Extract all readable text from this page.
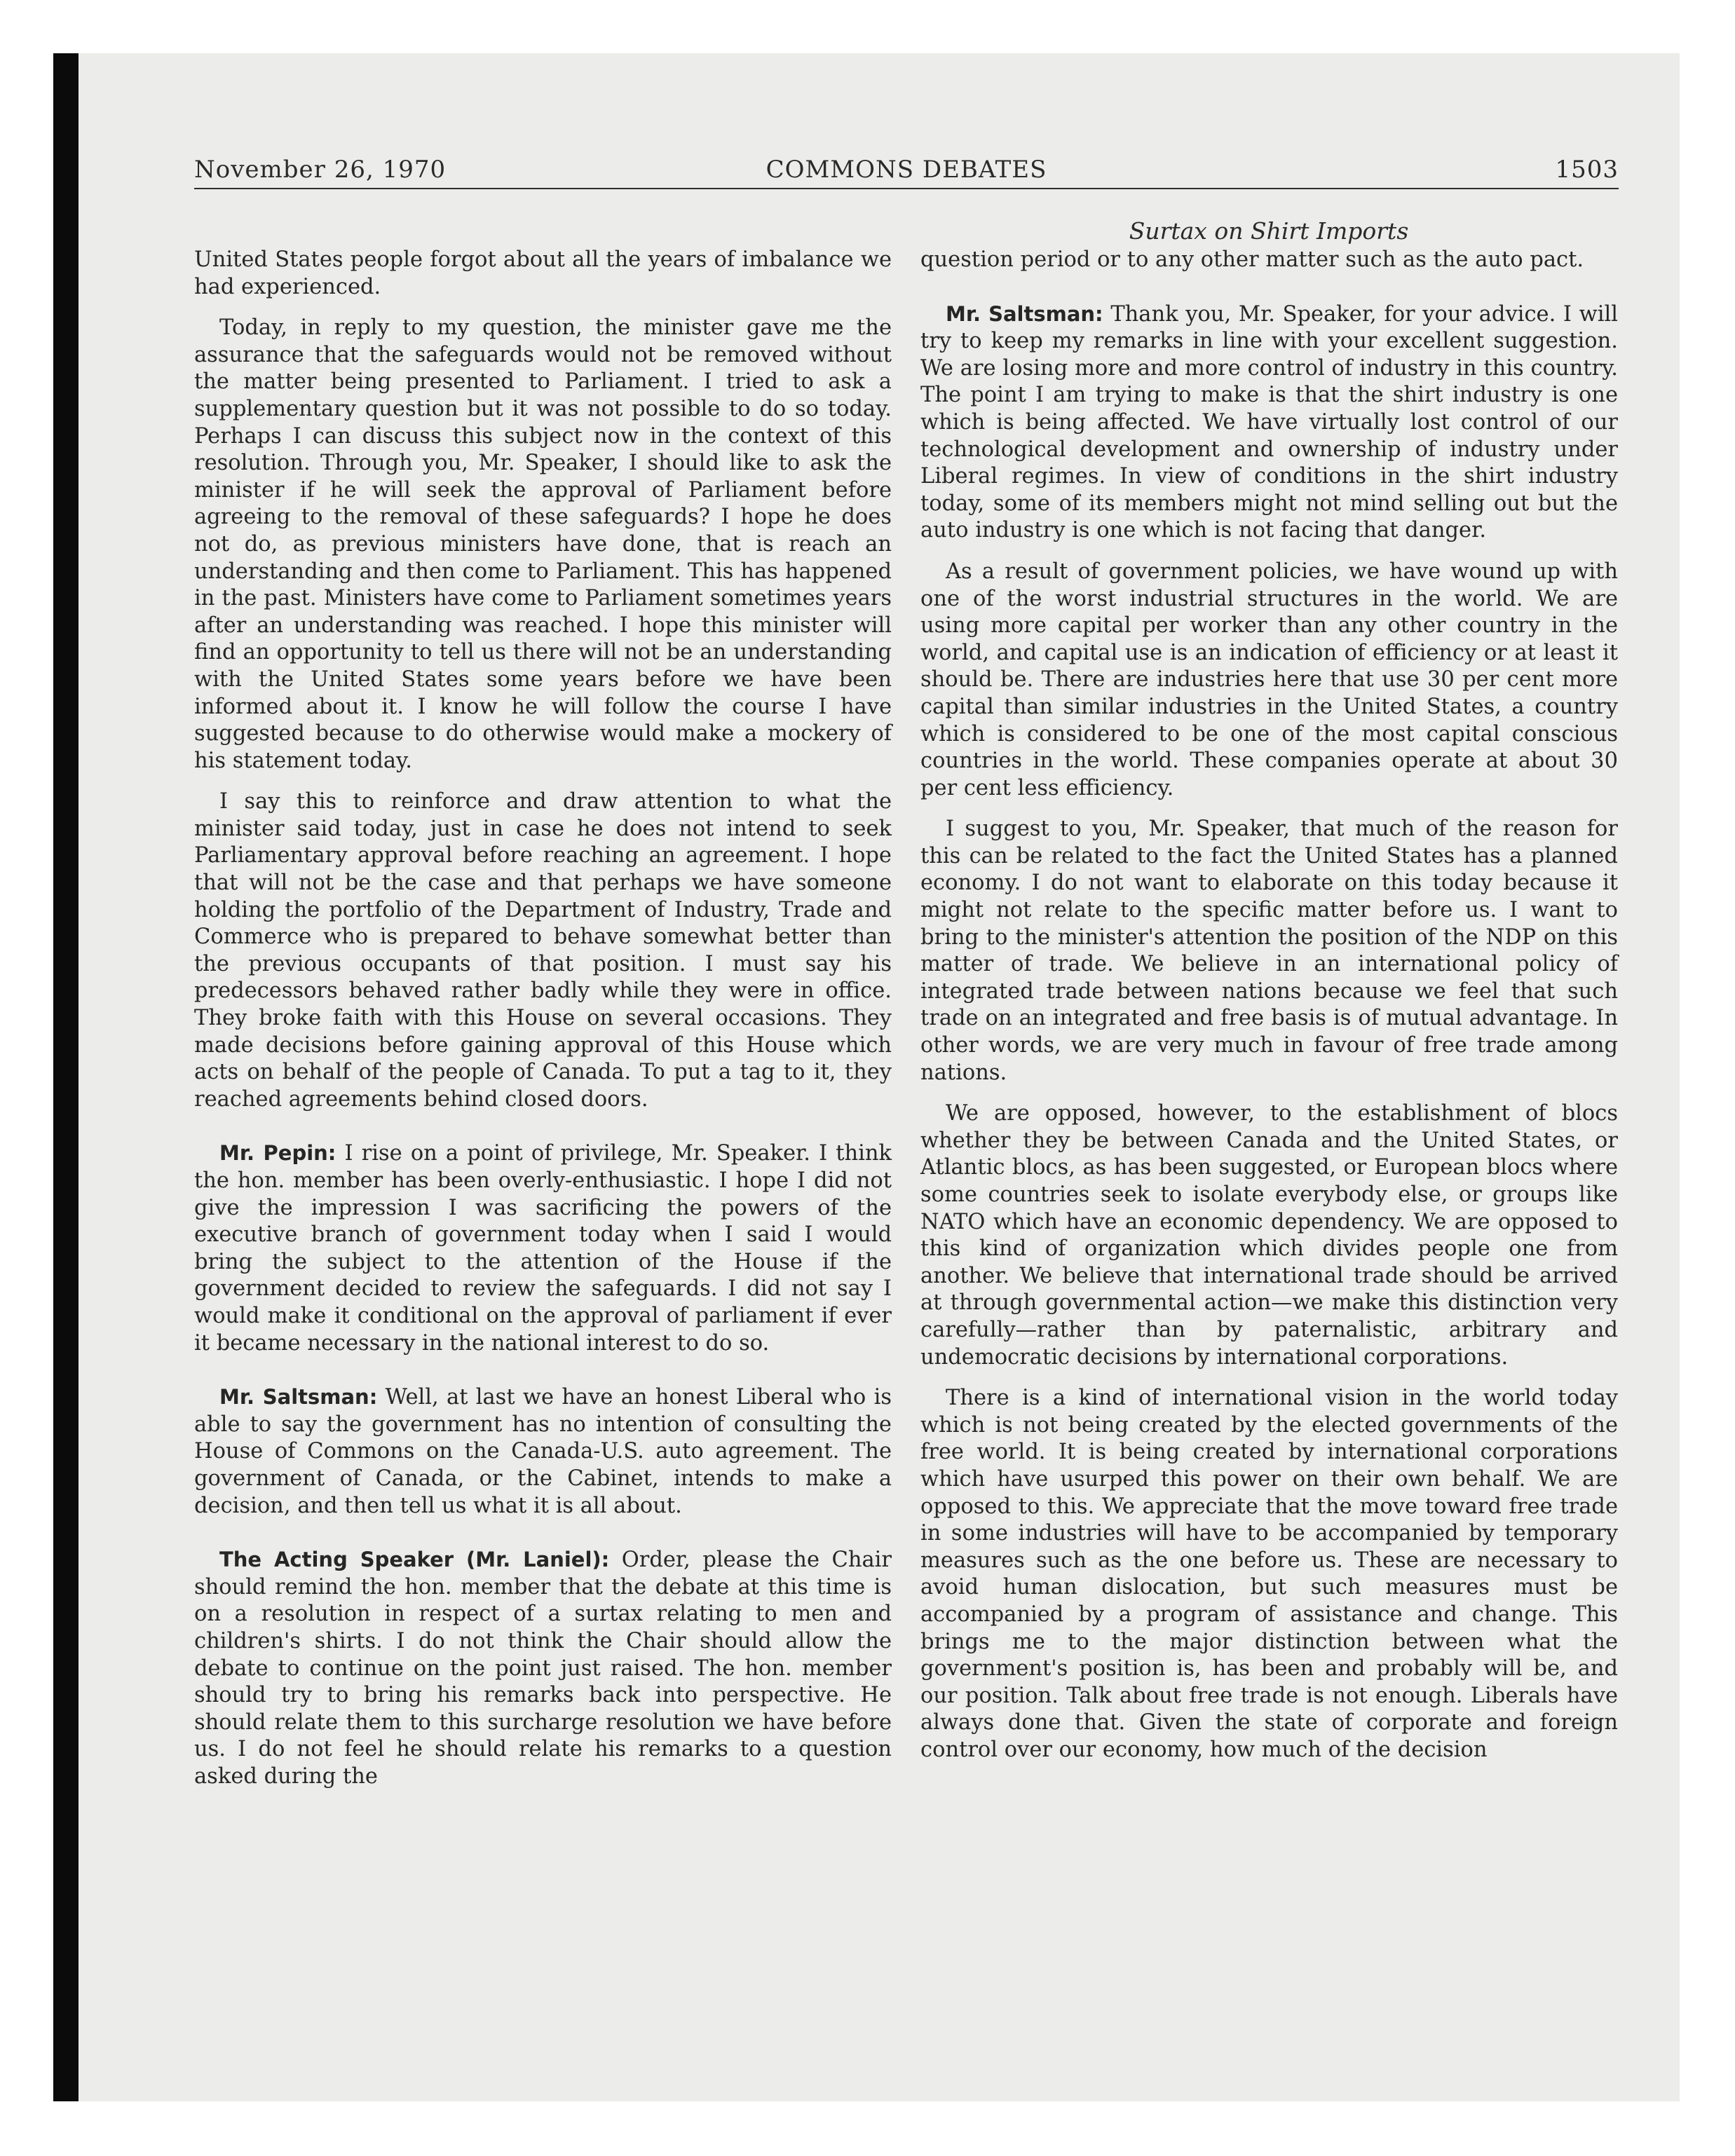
November 26, 1970	COMMONS DEBATES	1503
Surtax on Shirt Imports

United States people forgot about all the years of imbalance we had experienced.

Today, in reply to my question, the minister gave me the assurance that the safeguards would not be removed without the matter being presented to Parliament. I tried to ask a supplementary question but it was not possible to do so today. Perhaps I can discuss this subject now in the context of this resolution. Through you, Mr. Speaker, I should like to ask the minister if he will seek the approval of Parliament before agreeing to the removal of these safeguards? I hope he does not do, as previous ministers have done, that is reach an understanding and then come to Parliament. This has happened in the past. Ministers have come to Parliament sometimes years after an understanding was reached. I hope this minister will find an opportunity to tell us there will not be an understanding with the United States some years before we have been informed about it. I know he will follow the course I have suggested because to do otherwise would make a mockery of his statement today.

I say this to reinforce and draw attention to what the minister said today, just in case he does not intend to seek Parliamentary approval before reaching an agreement. I hope that will not be the case and that perhaps we have someone holding the portfolio of the Department of Industry, Trade and Commerce who is prepared to behave somewhat better than the previous occupants of that position. I must say his predecessors behaved rather badly while they were in office. They broke faith with this House on several occasions. They made decisions before gaining approval of this House which acts on behalf of the people of Canada. To put a tag to it, they reached agreements behind closed doors.

Mr. Pepin: I rise on a point of privilege, Mr. Speaker. I think the hon. member has been overly-enthusiastic. I hope I did not give the impression I was sacrificing the powers of the executive branch of government today when I said I would bring the subject to the attention of the House if the government decided to review the safeguards. I did not say I would make it conditional on the approval of parliament if ever it became necessary in the national interest to do so.

Mr. Saltsman: Well, at last we have an honest Liberal who is able to say the government has no intention of consulting the House of Commons on the Canada-U.S. auto agreement. The government of Canada, or the Cabinet, intends to make a decision, and then tell us what it is all about.

The Acting Speaker (Mr. Laniel): Order, please the Chair should remind the hon. member that the debate at this time is on a resolution in respect of a surtax relating to men and children's shirts. I do not think the Chair should allow the debate to continue on the point just raised. The hon. member should try to bring his remarks back into perspective. He should relate them to this surcharge resolution we have before us. I do not feel he should relate his remarks to a question asked during the

question period or to any other matter such as the auto pact.

Mr. Saltsman: Thank you, Mr. Speaker, for your advice. I will try to keep my remarks in line with your excellent suggestion. We are losing more and more control of industry in this country. The point I am trying to make is that the shirt industry is one which is being affected. We have virtually lost control of our technological development and ownership of industry under Liberal regimes. In view of conditions in the shirt industry today, some of its members might not mind selling out but the auto industry is one which is not facing that danger.

As a result of government policies, we have wound up with one of the worst industrial structures in the world. We are using more capital per worker than any other country in the world, and capital use is an indication of efficiency or at least it should be. There are industries here that use 30 per cent more capital than similar industries in the United States, a country which is considered to be one of the most capital conscious countries in the world. These companies operate at about 30 per cent less efficiency.

I suggest to you, Mr. Speaker, that much of the reason for this can be related to the fact the United States has a planned economy. I do not want to elaborate on this today because it might not relate to the specific matter before us. I want to bring to the minister's attention the position of the NDP on this matter of trade. We believe in an international policy of integrated trade between nations because we feel that such trade on an integrated and free basis is of mutual advantage. In other words, we are very much in favour of free trade among nations.

We are opposed, however, to the establishment of blocs whether they be between Canada and the United States, or Atlantic blocs, as has been suggested, or European blocs where some countries seek to isolate everybody else, or groups like NATO which have an economic dependency. We are opposed to this kind of organization which divides people one from another. We believe that international trade should be arrived at through governmental action—we make this distinction very carefully—rather than by paternalistic, arbitrary and undemocratic decisions by international corporations.

There is a kind of international vision in the world today which is not being created by the elected governments of the free world. It is being created by international corporations which have usurped this power on their own behalf. We are opposed to this. We appreciate that the move toward free trade in some industries will have to be accompanied by temporary measures such as the one before us. These are necessary to avoid human dislocation, but such measures must be accompanied by a program of assistance and change. This brings me to the major distinction between what the government's position is, has been and probably will be, and our position. Talk about free trade is not enough. Liberals have always done that. Given the state of corporate and foreign control over our economy, how much of the decision
